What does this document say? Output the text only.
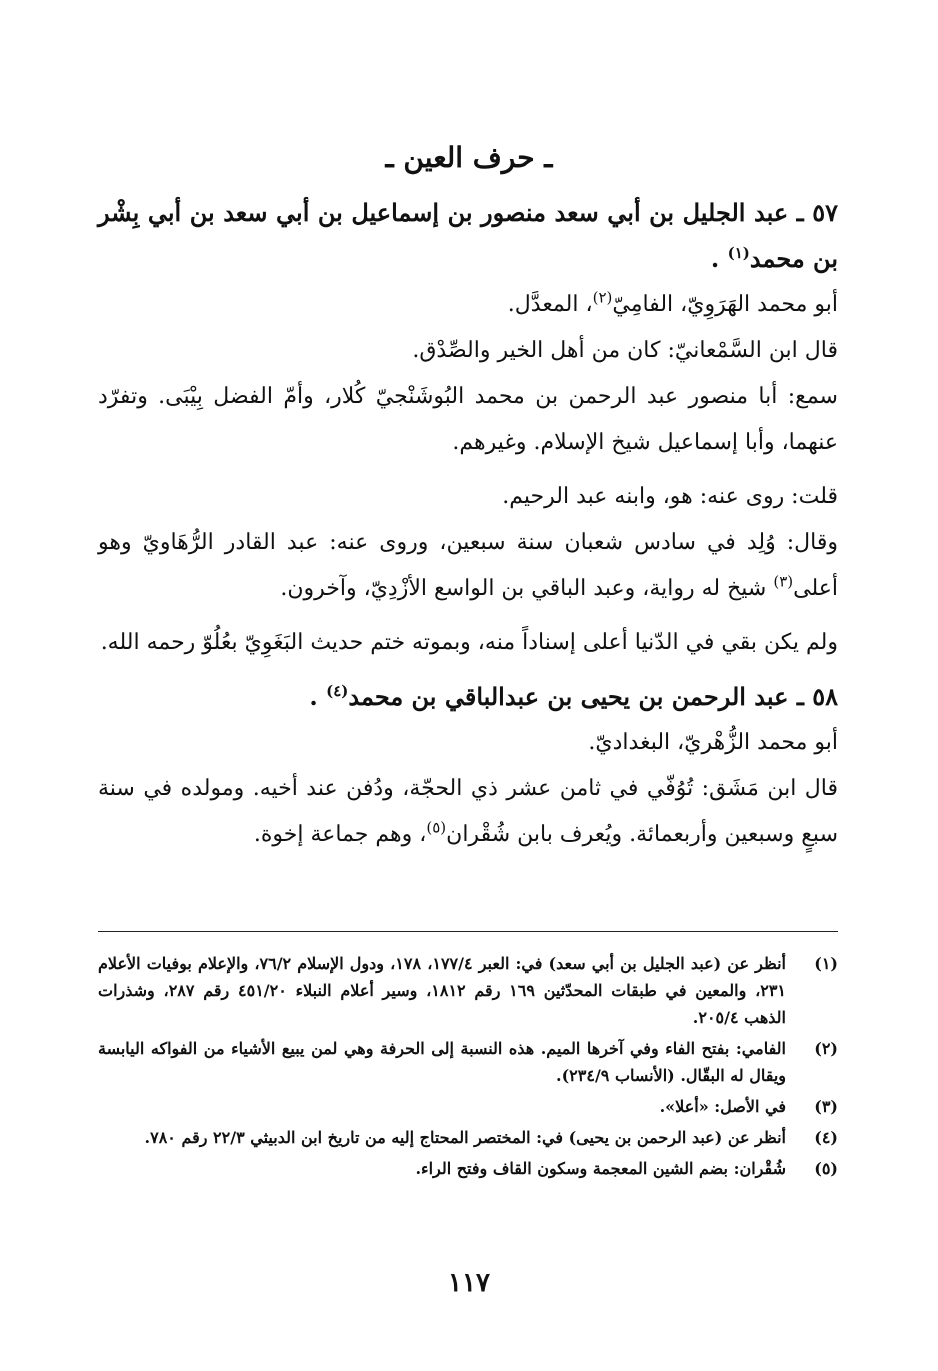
ـ حرف العين ـ

٥٧ ـ عبد الجليل بن أبي سعد منصور بن إسماعيل بن أبي سعد بن أبي بِشْر بن محمد$^{(١)}$ .

أبو محمد الهَرَوِيّ، الفامِيّ$^{(٢)}$، المعدَّل.

قال ابن السَّمْعانيّ: كان من أهل الخير والصِّدْق.

سمع: أبا منصور عبد الرحمن بن محمد البُوشَنْجيّ كُلار، وأمّ الفضل بِيْبَى. وتفرّد عنهما، وأبا إسماعيل شيخ الإسلام. وغيرهم.

قلت: روى عنه: هو، وابنه عبد الرحيم.

وقال: وُلِد في سادس شعبان سنة سبعين، وروى عنه: عبد القادر الرُّهَاويّ وهو أعلى$^{(٣)}$ شيخ له رواية، وعبد الباقي بن الواسع الأزْدِيّ، وآخرون.

ولم يكن بقي في الدّنيا أعلى إسناداً منه، وبموته ختم حديث البَغَوِيّ بعُلُوّ رحمه الله.

٥٨ ـ عبد الرحمن بن يحيى بن عبدالباقي بن محمد$^{(٤)}$ .

أبو محمد الزُّهْريّ، البغداديّ.

قال ابن مَشَق: تُوُفّي في ثامن عشر ذي الحجّة، ودُفن عند أخيه. ومولده في سنة سبعٍ وسبعين وأربعمائة. ويُعرف بابن شُقْران$^{(٥)}$، وهم جماعة إخوة.

(١)
أنظر عن (عبد الجليل بن أبي سعد) في: العبر ١٧٧/٤، ١٧٨، ودول الإسلام ٧٦/٢، والإعلام بوفيات الأعلام ٢٣١، والمعين في طبقات المحدّثين ١٦٩ رقم ١٨١٢، وسير أعلام النبلاء ٤٥١/٢٠ رقم ٢٨٧، وشذرات الذهب ٢٠٥/٤.
(٢)
الفامي: بفتح الفاء وفي آخرها الميم. هذه النسبة إلى الحرفة وهي لمن يبيع الأشياء من الفواكه اليابسة ويقال له البقّال. (الأنساب ٢٣٤/٩).
(٣)
في الأصل: «أعلا».
(٤)
أنظر عن (عبد الرحمن بن يحيى) في: المختصر المحتاج إليه من تاريخ ابن الدبيثي ٢٢/٣ رقم ٧٨٠.
(٥)
شُقْران: بضم الشين المعجمة وسكون القاف وفتح الراء.
١١٧
